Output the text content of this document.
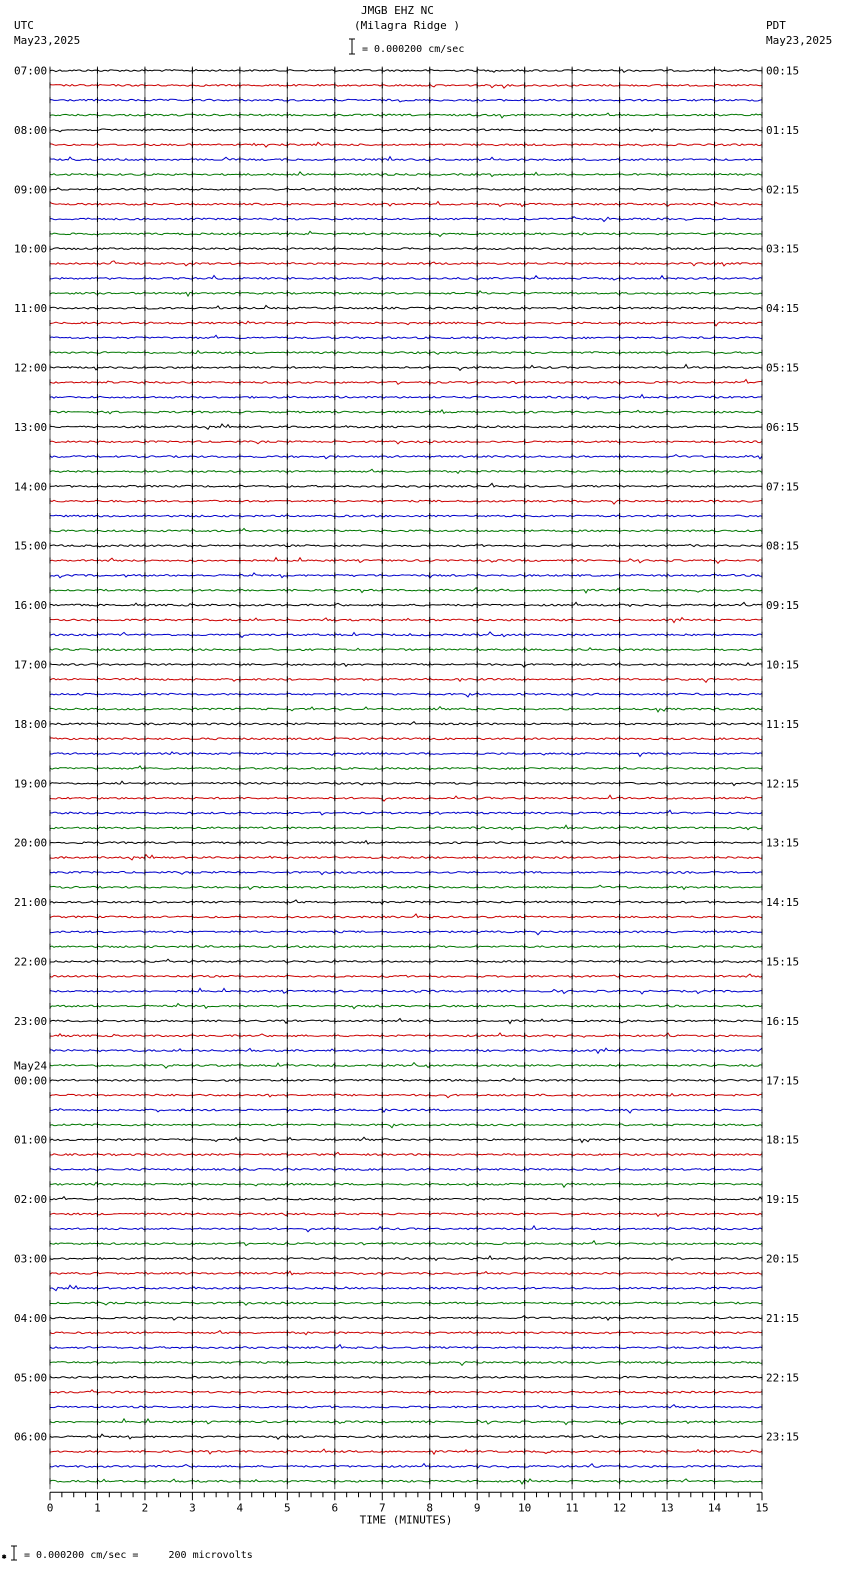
JMGB EHZ NC
(Milagra Ridge )
UTC
May23,2025
PDT
May23,2025
= 0.000200 cm/sec
= 0.000200 cm/sec =     200 microvolts
*
07:00
08:00
09:00
10:00
11:00
12:00
13:00
14:00
15:00
16:00
17:00
18:00
19:00
20:00
21:00
22:00
23:00
00:00
May24
01:00
02:00
03:00
04:00
05:00
06:00
00:15
01:15
02:15
03:15
04:15
05:15
06:15
07:15
08:15
09:15
10:15
11:15
12:15
13:15
14:15
15:15
16:15
17:15
18:15
19:15
20:15
21:15
22:15
23:15
0	1	2	3	4	5	6	7	8	9	10	11	12	13	14	15
TIME (MINUTES)
